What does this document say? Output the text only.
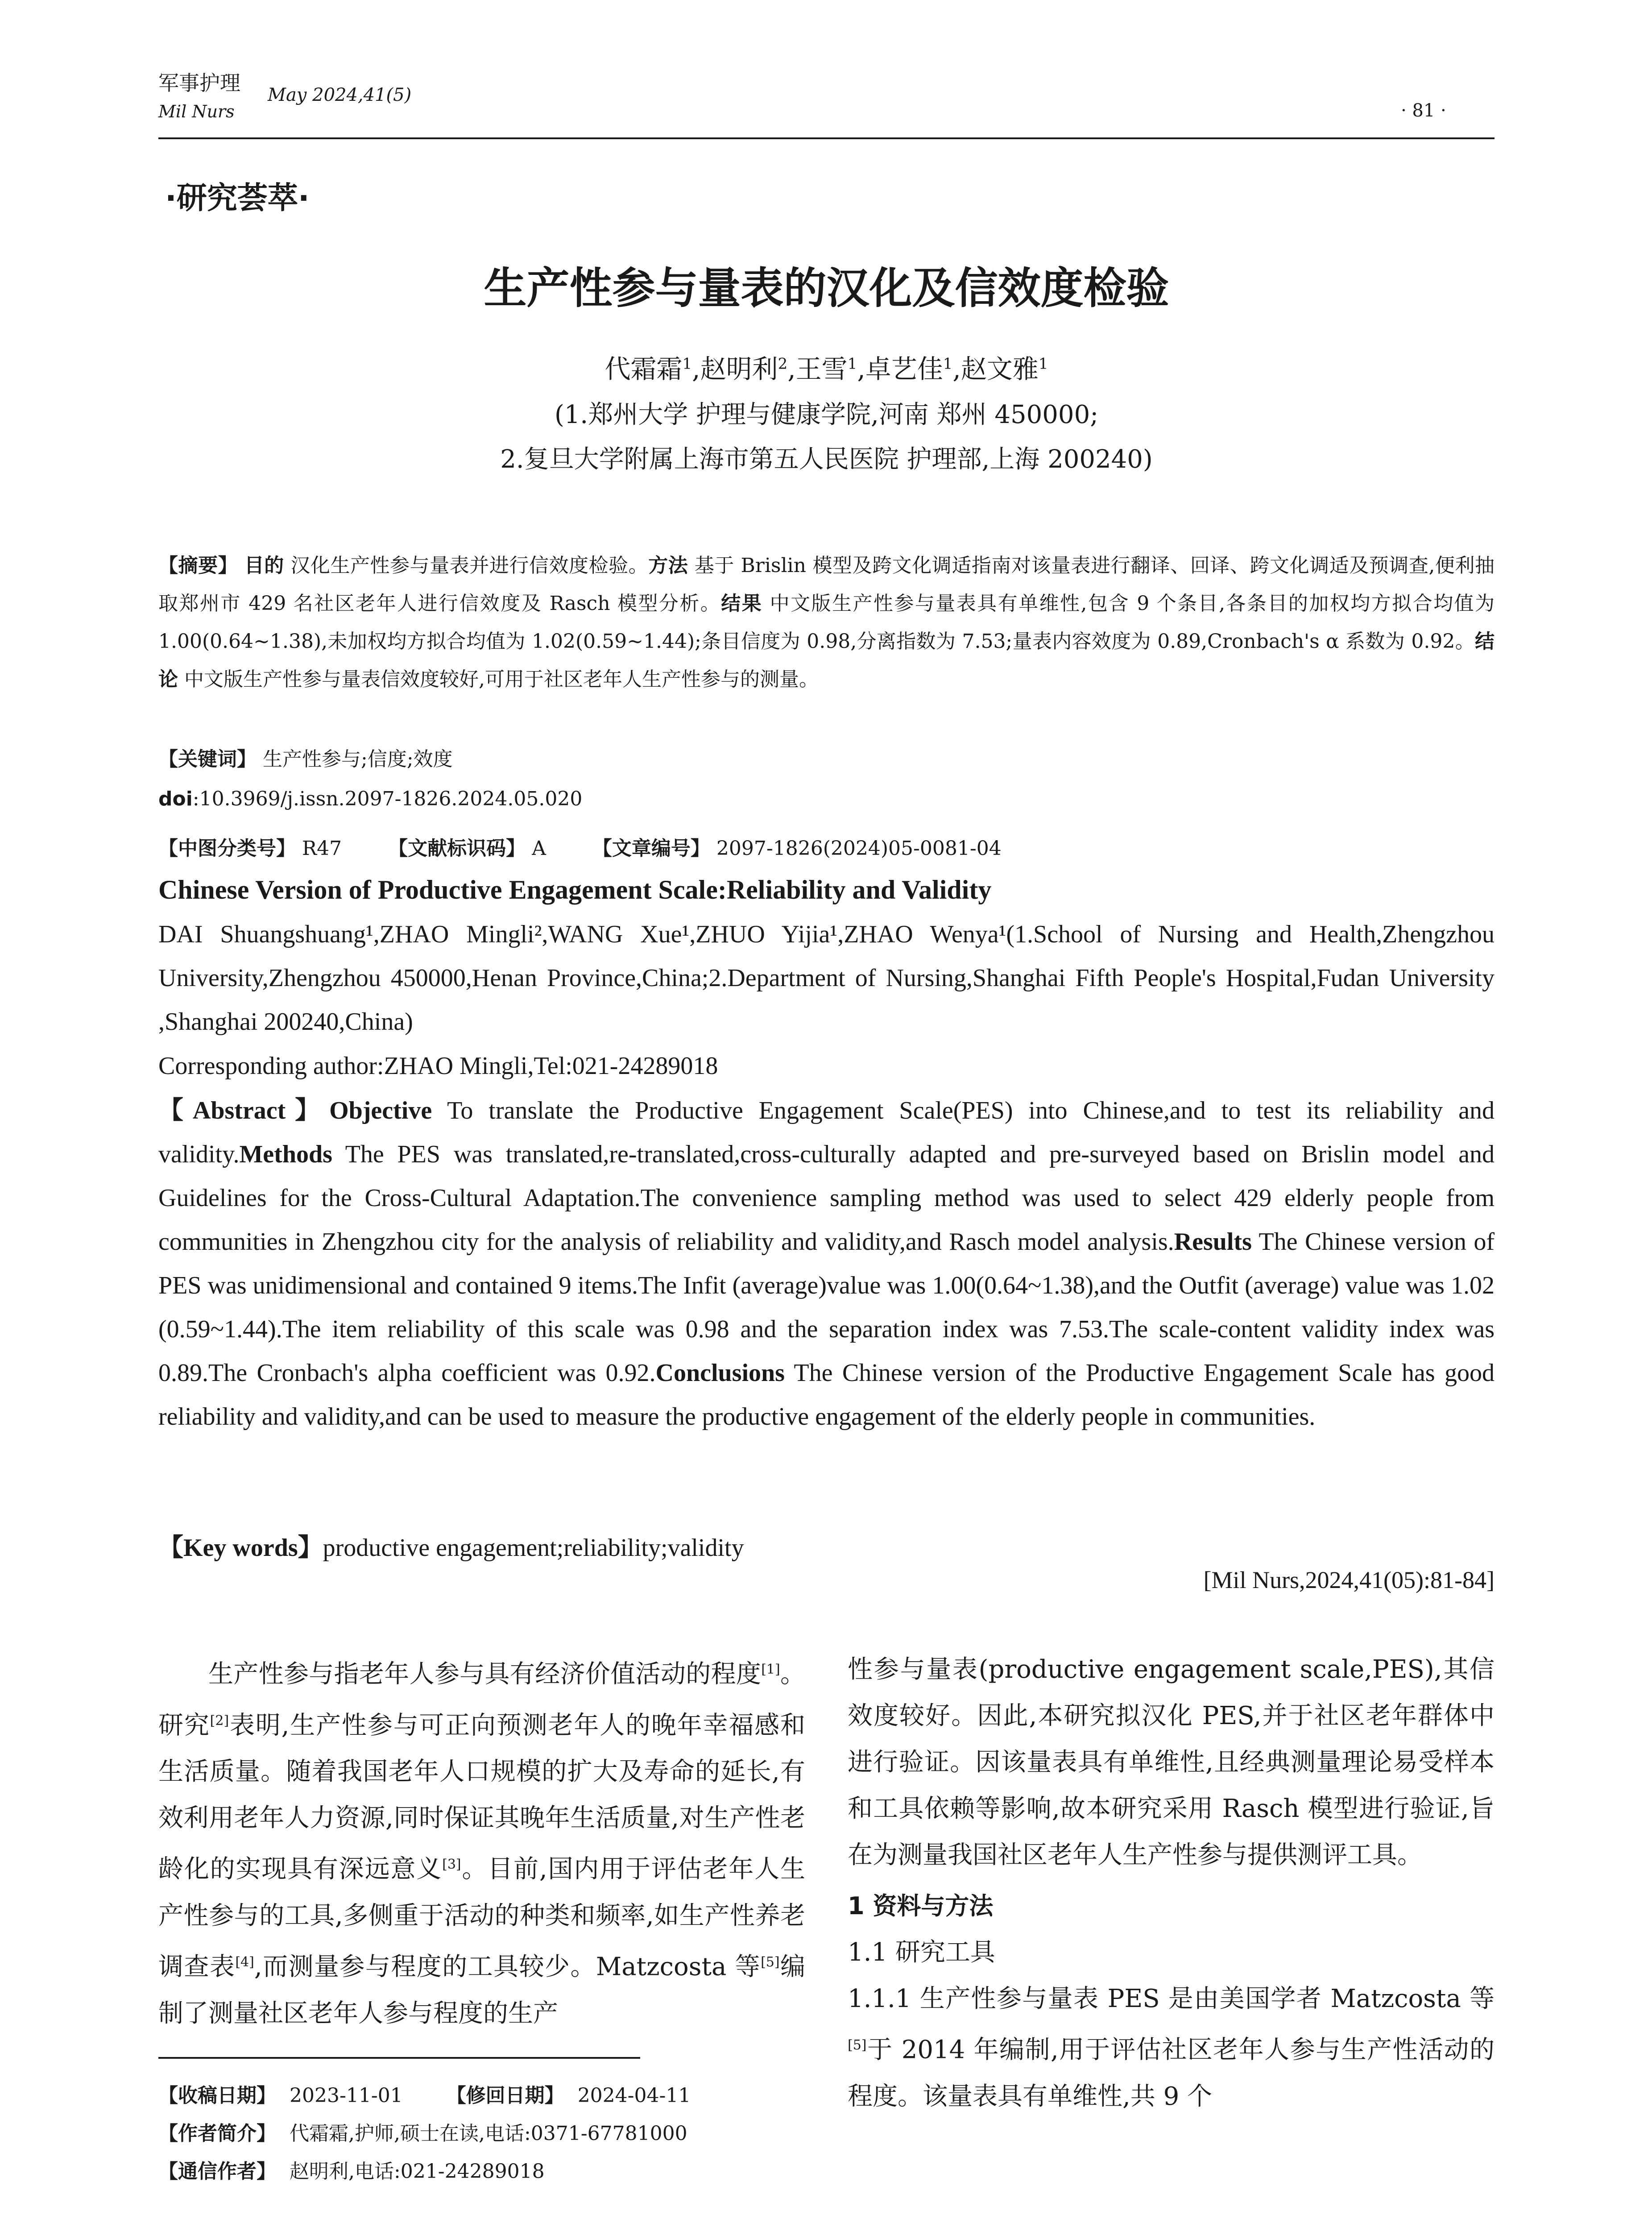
军事护理
Mil Nurs
May 2024,41(5)
· 81 ·
·研究荟萃·
生产性参与量表的汉化及信效度检验
代霜霜$^1$,赵明利$^2$,王雪$^1$,卓艺佳$^1$,赵文雅$^1$
(1.郑州大学 护理与健康学院,河南 郑州 450000;
2.复旦大学附属上海市第五人民医院 护理部,上海 200240)
【摘要】 目的 汉化生产性参与量表并进行信效度检验。方法 基于 Brislin 模型及跨文化调适指南对该量表进行翻译、回译、跨文化调适及预调查,便利抽取郑州市 429 名社区老年人进行信效度及 Rasch 模型分析。结果 中文版生产性参与量表具有单维性,包含 9 个条目,各条目的加权均方拟合均值为 1.00(0.64~1.38),未加权均方拟合均值为 1.02(0.59~1.44);条目信度为 0.98,分离指数为 7.53;量表内容效度为 0.89,Cronbach's α 系数为 0.92。结论 中文版生产性参与量表信效度较好,可用于社区老年人生产性参与的测量。
【关键词】 生产性参与;信度;效度
doi:10.3969/j.issn.2097-1826.2024.05.020
【中图分类号】 R47 【文献标识码】 A 【文章编号】 2097-1826(2024)05-0081-04
Chinese Version of Productive Engagement Scale:Reliability and Validity
DAI Shuangshuang¹,ZHAO Mingli²,WANG Xue¹,ZHUO Yijia¹,ZHAO Wenya¹(1.School of Nursing and Health,Zhengzhou University,Zhengzhou 450000,Henan Province,China;2.Department of Nursing,Shanghai Fifth People's Hospital,Fudan University ,Shanghai 200240,China)
Corresponding author:ZHAO Mingli,Tel:021-24289018
【Abstract】Objective To translate the Productive Engagement Scale(PES) into Chinese,and to test its reliability and validity.Methods The PES was translated,re-translated,cross-culturally adapted and pre-surveyed based on Brislin model and Guidelines for the Cross-Cultural Adaptation.The convenience sampling method was used to select 429 elderly people from communities in Zhengzhou city for the analysis of reliability and validity,and Rasch model analysis.Results The Chinese version of PES was unidimensional and contained 9 items.The Infit (average)value was 1.00(0.64~1.38),and the Outfit (average) value was 1.02 (0.59~1.44).The item reliability of this scale was 0.98 and the separation index was 7.53.The scale-content validity index was 0.89.The Cronbach's alpha coefficient was 0.92.Conclusions The Chinese version of the Productive Engagement Scale has good reliability and validity,and can be used to measure the productive engagement of the elderly people in communities.
【Key words】productive engagement;reliability;validity
[Mil Nurs,2024,41(05):81-84]
生产性参与指老年人参与具有经济价值活动的程度[1]。研究[2]表明,生产性参与可正向预测老年人的晚年幸福感和生活质量。随着我国老年人口规模的扩大及寿命的延长,有效利用老年人力资源,同时保证其晚年生活质量,对生产性老龄化的实现具有深远意义[3]。目前,国内用于评估老年人生产性参与的工具,多侧重于活动的种类和频率,如生产性养老调查表[4],而测量参与程度的工具较少。Matzcosta 等[5]编制了测量社区老年人参与程度的生产
性参与量表(productive engagement scale,PES),其信效度较好。因此,本研究拟汉化 PES,并于社区老年群体中进行验证。因该量表具有单维性,且经典测量理论易受样本和工具依赖等影响,故本研究采用 Rasch 模型进行验证,旨在为测量我国社区老年人生产性参与提供测评工具。
1 资料与方法
1.1 研究工具
1.1.1 生产性参与量表 PES 是由美国学者 Matzcosta 等[5]于 2014 年编制,用于评估社区老年人参与生产性活动的程度。该量表具有单维性,共 9 个
【收稿日期】 2023-11-01 【修回日期】 2024-04-11
【作者简介】 代霜霜,护师,硕士在读,电话:0371-67781000
【通信作者】 赵明利,电话:021-24289018
